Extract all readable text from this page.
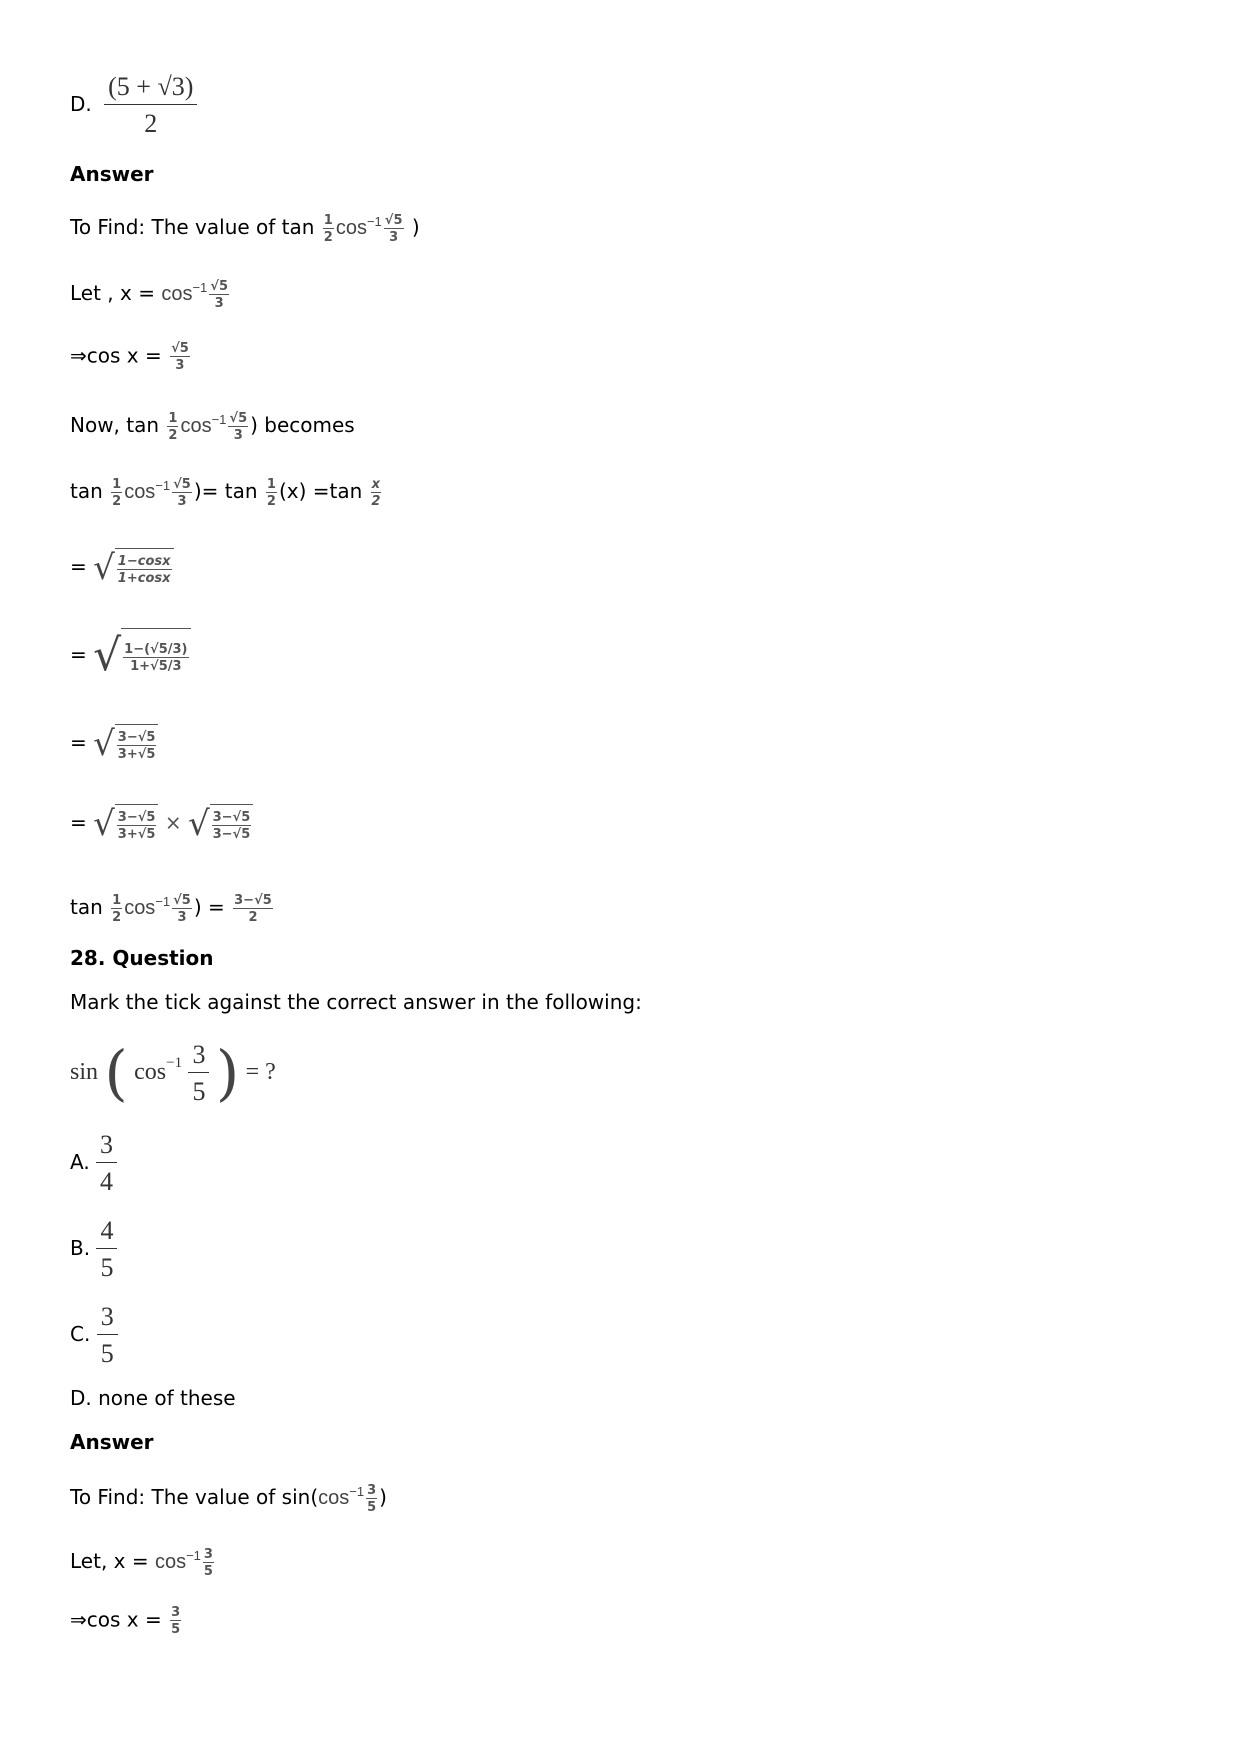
D. $\frac{(5 + √3)}{2}$
Answer
To Find: The value of $\tan \frac{1}{2} \cos^{-1} \frac{√5}{3}$ )
Let , $x = \cos^{-1} \frac{√5}{3}$
⇒cos $x = \frac{√5}{3}$
Now, $\tan \frac{1}{2} \cos^{-1} \frac{√5}{3}$ ) becomes
$\tan \frac{1}{2} \cos^{-1} \frac{√5}{3}$ )= $\tan \frac{1}{2} (x) =\tan \frac{x}{2}$
= √ $\frac{1-\cos x}{1+\cos x}$
= √ $\frac{1-(√5/3)}{1+√5/3}$
= √ $\frac{3-√5}{3+√5}$
= √ $\frac{3-√5}{3+√5}$ × √ $\frac{3-√5}{3-√5}$
$\tan \frac{1}{2} \cos^{-1} \frac{√5}{3}$ ) = $\frac{3-√5}{2}$
28. Question
Mark the tick against the correct answer in the following:
sin ( $\cos^{-1} \frac{3}{5}$ ) = ?
A. $\frac{3}{4}$
B. $\frac{4}{5}$
C. $\frac{3}{5}$
D. none of these
Answer
To Find: The value of $\sin(\cos^{-1} \frac{3}{5}$ )
Let, $x = \cos^{-1} \frac{3}{5}$
⇒cos $x = \frac{3}{5}$
